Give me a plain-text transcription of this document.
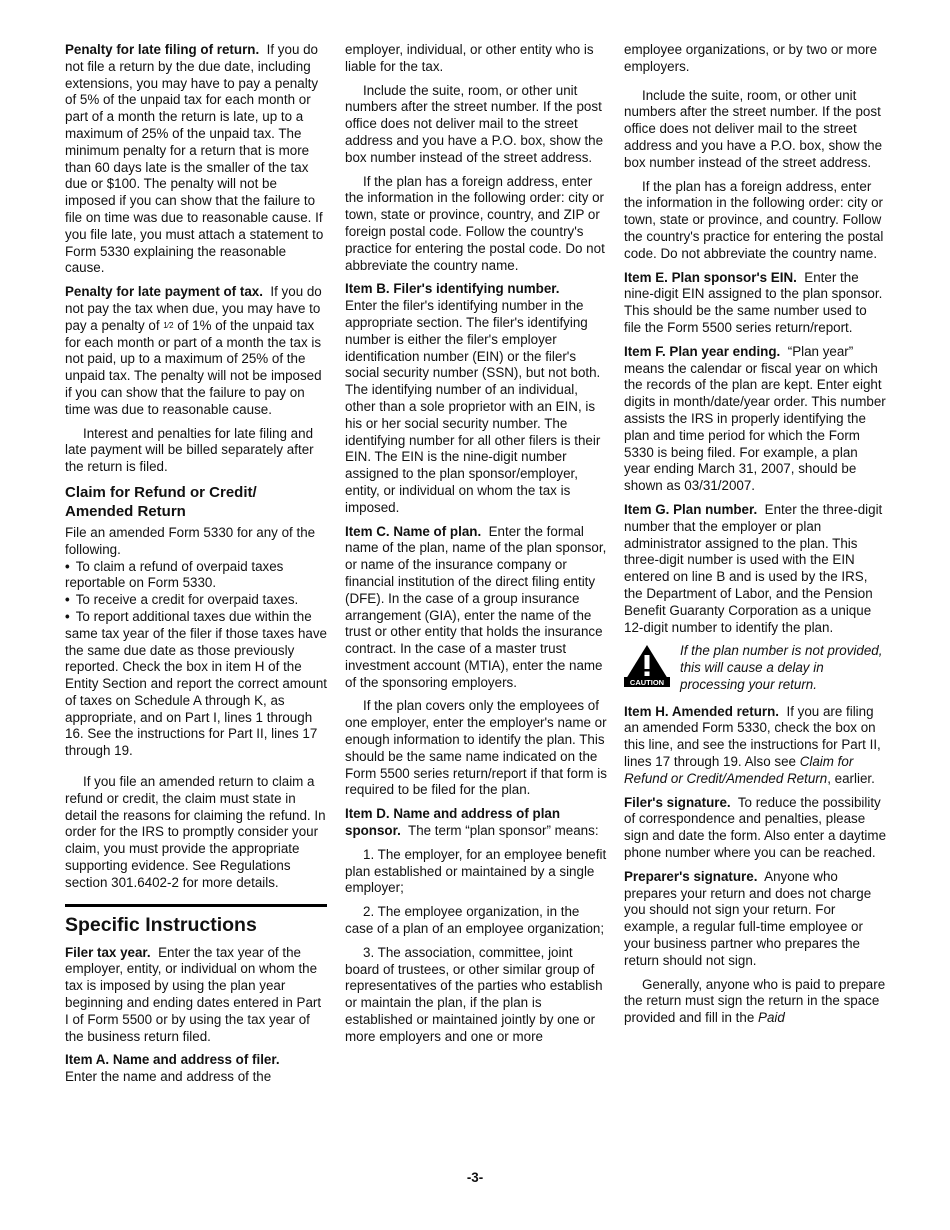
Penalty for late filing of return. If you do not file a return by the due date, including extensions, you may have to pay a penalty of 5% of the unpaid tax for each month or part of a month the return is late, up to a maximum of 25% of the unpaid tax. The minimum penalty for a return that is more than 60 days late is the smaller of the tax due or $100. The penalty will not be imposed if you can show that the failure to file on time was due to reasonable cause. If you file late, you must attach a statement to Form 5330 explaining the reasonable cause.

Penalty for late payment of tax. If you do not pay the tax when due, you may have to pay a penalty of $^{1⁄2}$ of 1% of the unpaid tax for each month or part of a month the tax is not paid, up to a maximum of 25% of the unpaid tax. The penalty will not be imposed if you can show that the failure to pay on time was due to reasonable cause.

Interest and penalties for late filing and late payment will be billed separately after the return is filed.

Claim for Refund or Credit/ Amended Return

File an amended Form 5330 for any of the following.

• To claim a refund of overpaid taxes reportable on Form 5330.
• To receive a credit for overpaid taxes.
• To report additional taxes due within the same tax year of the filer if those taxes have the same due date as those previously reported. Check the box in item H of the Entity Section and report the correct amount of taxes on Schedule A through K, as appropriate, and on Part I, lines 1 through 16. See the instructions for Part II, lines 17 through 19.

If you file an amended return to claim a refund or credit, the claim must state in detail the reasons for claiming the refund. In order for the IRS to promptly consider your claim, you must provide the appropriate supporting evidence. See Regulations section 301.6402-2 for more details.

Specific Instructions

Filer tax year. Enter the tax year of the employer, entity, or individual on whom the tax is imposed by using the plan year beginning and ending dates entered in Part I of Form 5500 or by using the tax year of the business return filed.

Item A. Name and address of filer.
Enter the name and address of the

employer, individual, or other entity who is liable for the tax.

Include the suite, room, or other unit numbers after the street number. If the post office does not deliver mail to the street address and you have a P.O. box, show the box number instead of the street address.

If the plan has a foreign address, enter the information in the following order: city or town, state or province, country, and ZIP or foreign postal code. Follow the country's practice for entering the postal code. Do not abbreviate the country name.

Item B. Filer's identifying number.
Enter the filer's identifying number in the appropriate section. The filer's identifying number is either the filer's employer identification number (EIN) or the filer's social security number (SSN), but not both. The identifying number of an individual, other than a sole proprietor with an EIN, is his or her social security number. The identifying number for all other filers is their EIN. The EIN is the nine-digit number assigned to the plan sponsor/employer, entity, or individual on whom the tax is imposed.

Item C. Name of plan. Enter the formal name of the plan, name of the plan sponsor, or name of the insurance company or financial institution of the direct filing entity (DFE). In the case of a group insurance arrangement (GIA), enter the name of the trust or other entity that holds the insurance contract. In the case of a master trust investment account (MTIA), enter the name of the sponsoring employers.

If the plan covers only the employees of one employer, enter the employer's name or enough information to identify the plan. This should be the same name indicated on the Form 5500 series return/report if that form is required to be filed for the plan.

Item D. Name and address of plan sponsor. The term “plan sponsor” means:

1. The employer, for an employee benefit plan established or maintained by a single employer;

2. The employee organization, in the case of a plan of an employee organization;

3. The association, committee, joint board of trustees, or other similar group of representatives of the parties who establish or maintain the plan, if the plan is established or maintained jointly by one or more employers and one or more

employee organizations, or by two or more employers.

Include the suite, room, or other unit numbers after the street number. If the post office does not deliver mail to the street address and you have a P.O. box, show the box number instead of the street address.

If the plan has a foreign address, enter the information in the following order: city or town, state or province, and country. Follow the country's practice for entering the postal code. Do not abbreviate the country name.

Item E. Plan sponsor's EIN. Enter the nine-digit EIN assigned to the plan sponsor. This should be the same number used to file the Form 5500 series return/report.

Item F. Plan year ending. “Plan year” means the calendar or fiscal year on which the records of the plan are kept. Enter eight digits in month/date/year order. This number assists the IRS in properly identifying the plan and time period for which the Form 5330 is being filed. For example, a plan year ending March 31, 2007, should be shown as 03/31/2007.

Item G. Plan number. Enter the three-digit number that the employer or plan administrator assigned to the plan. This three-digit number is used with the EIN entered on line B and is used by the IRS, the Department of Labor, and the Pension Benefit Guaranty Corporation as a unique 12-digit number to identify the plan.

CAUTION
If the plan number is not provided, this will cause a delay in processing your return.

Item H. Amended return. If you are filing an amended Form 5330, check the box on this line, and see the instructions for Part II, lines 17 through 19. Also see Claim for Refund or Credit/Amended Return, earlier.

Filer's signature. To reduce the possibility of correspondence and penalties, please sign and date the form. Also enter a daytime phone number where you can be reached.

Preparer's signature. Anyone who prepares your return and does not charge you should not sign your return. For example, a regular full-time employee or your business partner who prepares the return should not sign.

Generally, anyone who is paid to prepare the return must sign the return in the space provided and fill in the Paid

-3-
